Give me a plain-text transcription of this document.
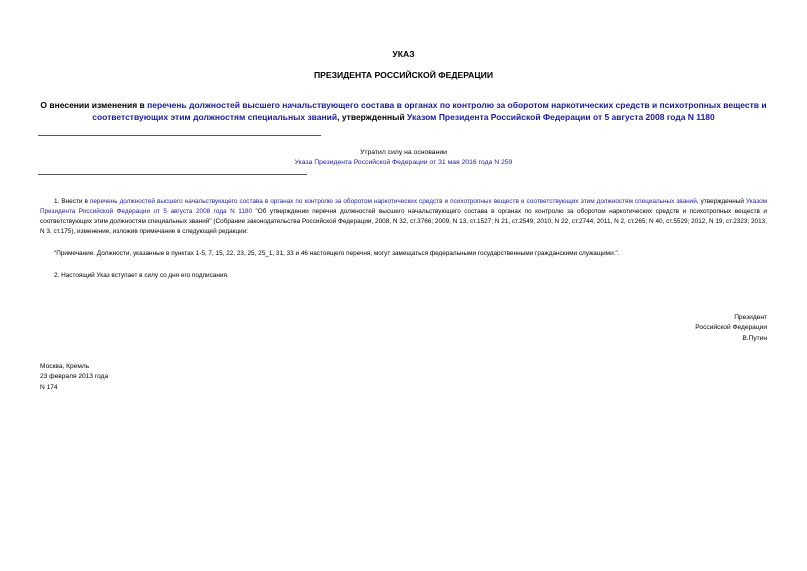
УКАЗ
ПРЕЗИДЕНТА РОССИЙСКОЙ ФЕДЕРАЦИИ
О внесении изменения в перечень должностей высшего начальствующего состава в органах по контролю за оборотом наркотических средств и психотропных веществ и соответствующих этим должностям специальных званий, утвержденный Указом Президента Российской Федерации от 5 августа 2008 года N 1180
Утратил силу на основании
Указа Президента Российской Федерации от 31 мая 2016 года N 259
1. Внести в перечень должностей высшего начальствующего состава в органах по контролю за оборотом наркотических средств и психотропных веществ и соответствующих этим должностям специальных званий, утвержденный Указом Президента Российской Федерации от 5 августа 2008 года N 1180 "Об утверждении перечня должностей высшего начальствующего состава в органах по контролю за оборотом наркотических средств и психотропных веществ и соответствующих этим должностям специальных званий" (Собрание законодательства Российской Федерации, 2008, N 32, ст.3766; 2009, N 13, ст.1527; N 21, ст.2549; 2010, N 22, ст.2744; 2011, N 2, ст.265; N 40, ст.5529; 2012, N 19, ст.2323; 2013, N 3, ст.175), изменение, изложив примечание в следующей редакции:
"Примечание. Должности, указанные в пунктах 1-5, 7, 15, 22, 23, 25, 25_1, 31, 33 и 46 настоящего перечня, могут замещаться федеральными государственными гражданскими служащими.".
2. Настоящий Указ вступает в силу со дня его подписания.
Президент
Российской Федерации
В.Путин
Москва, Кремль
23 февраля 2013 года
N 174
